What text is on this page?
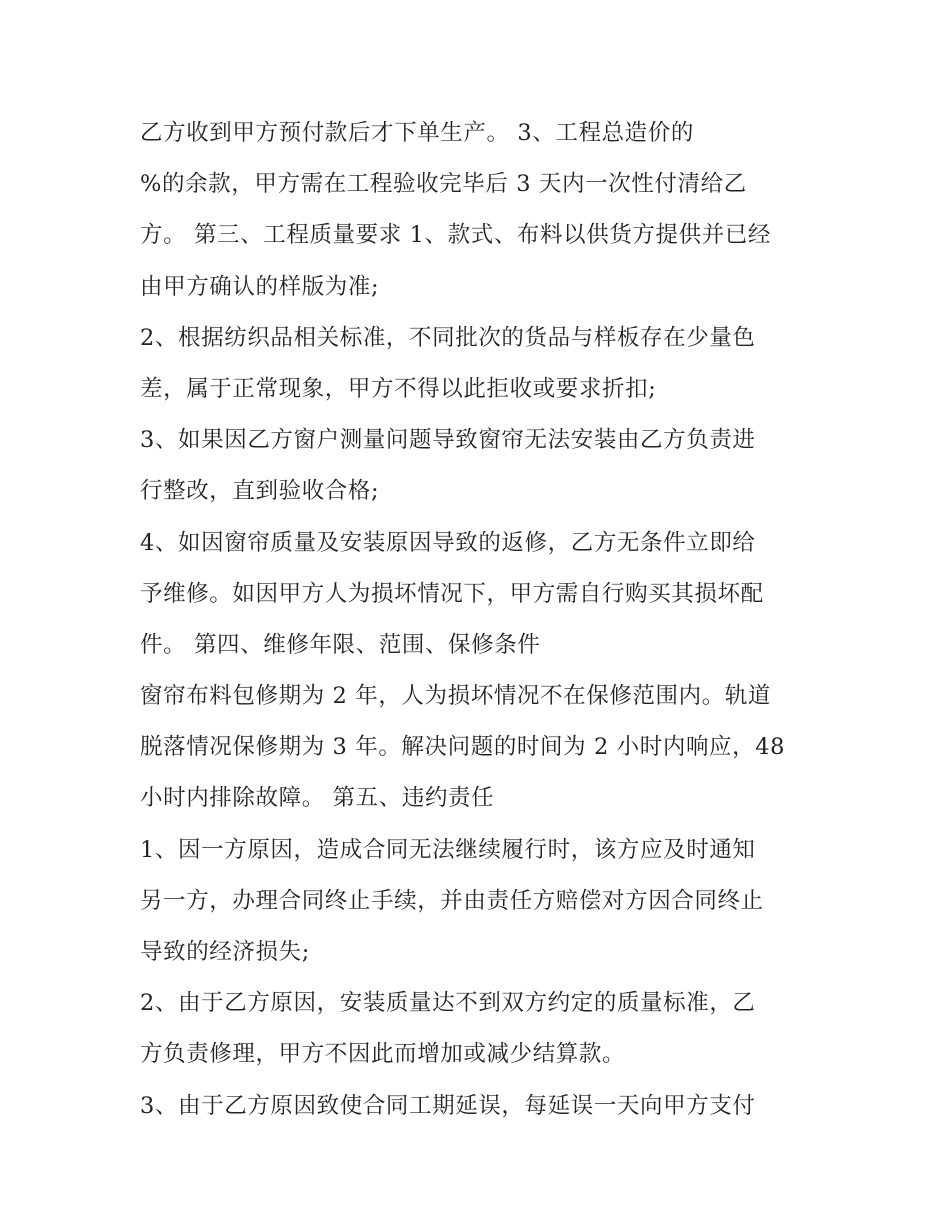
乙方收到甲方预付款后才下单生产。 3、工程总造价的
%的余款，甲方需在工程验收完毕后 3 天内一次性付清给乙
方。 第三、工程质量要求 1、款式、布料以供货方提供并已经
由甲方确认的样版为准;
2、根据纺织品相关标准，不同批次的货品与样板存在少量色
差，属于正常现象，甲方不得以此拒收或要求折扣;
3、如果因乙方窗户测量问题导致窗帘无法安装由乙方负责进
行整改，直到验收合格;
4、如因窗帘质量及安装原因导致的返修，乙方无条件立即给
予维修。如因甲方人为损坏情况下，甲方需自行购买其损坏配
件。 第四、维修年限、范围、保修条件
窗帘布料包修期为 2 年，人为损坏情况不在保修范围内。轨道
脱落情况保修期为 3 年。解决问题的时间为 2 小时内响应，48
小时内排除故障。 第五、违约责任
1、因一方原因，造成合同无法继续履行时，该方应及时通知
另一方，办理合同终止手续，并由责任方赔偿对方因合同终止
导致的经济损失;
2、由于乙方原因，安装质量达不到双方约定的质量标准，乙
方负责修理，甲方不因此而增加或减少结算款。
3、由于乙方原因致使合同工期延误，每延误一天向甲方支付
